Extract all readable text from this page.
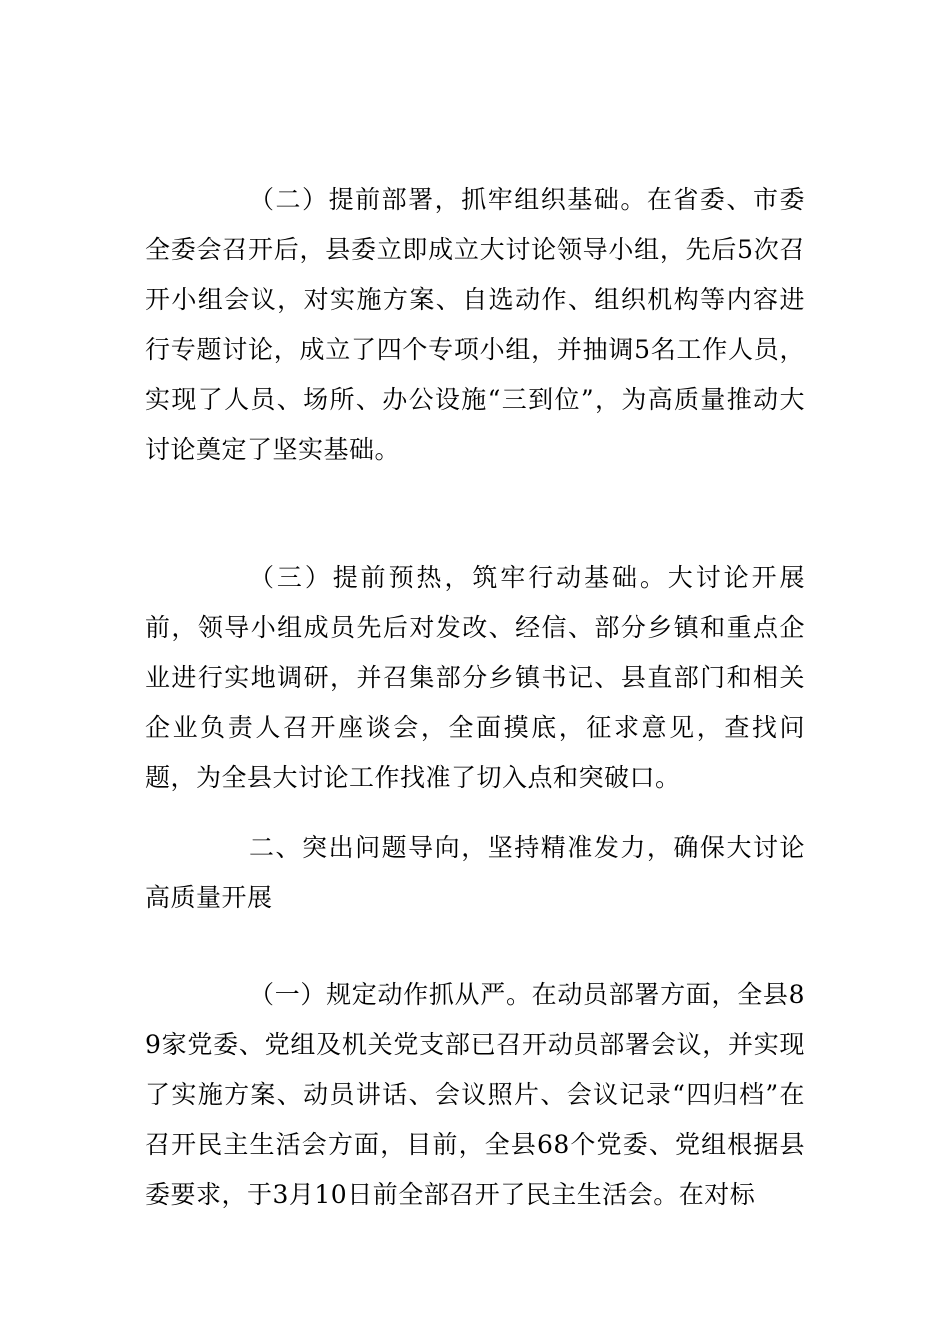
（二）提前部署，抓牢组织基础。在省委、市委全委会召开后，县委立即成立大讨论领导小组，先后5次召开小组会议，对实施方案、自选动作、组织机构等内容进行专题讨论，成立了四个专项小组，并抽调5名工作人员，实现了人员、场所、办公设施“三到位”，为高质量推动大讨论奠定了坚实基础。

（三）提前预热，筑牢行动基础。大讨论开展前，领导小组成员先后对发改、经信、部分乡镇和重点企业进行实地调研，并召集部分乡镇书记、县直部门和相关企业负责人召开座谈会，全面摸底，征求意见，查找问题，为全县大讨论工作找准了切入点和突破口。

二、突出问题导向，坚持精准发力，确保大讨论高质量开展

（一）规定动作抓从严。在动员部署方面，全县89家党委、党组及机关党支部已召开动员部署会议，并实现了实施方案、动员讲话、会议照片、会议记录“四归档”在召开民主生活会方面，目前，全县68个党委、党组根据县委要求，于3月10日前全部召开了民主生活会。在对标
